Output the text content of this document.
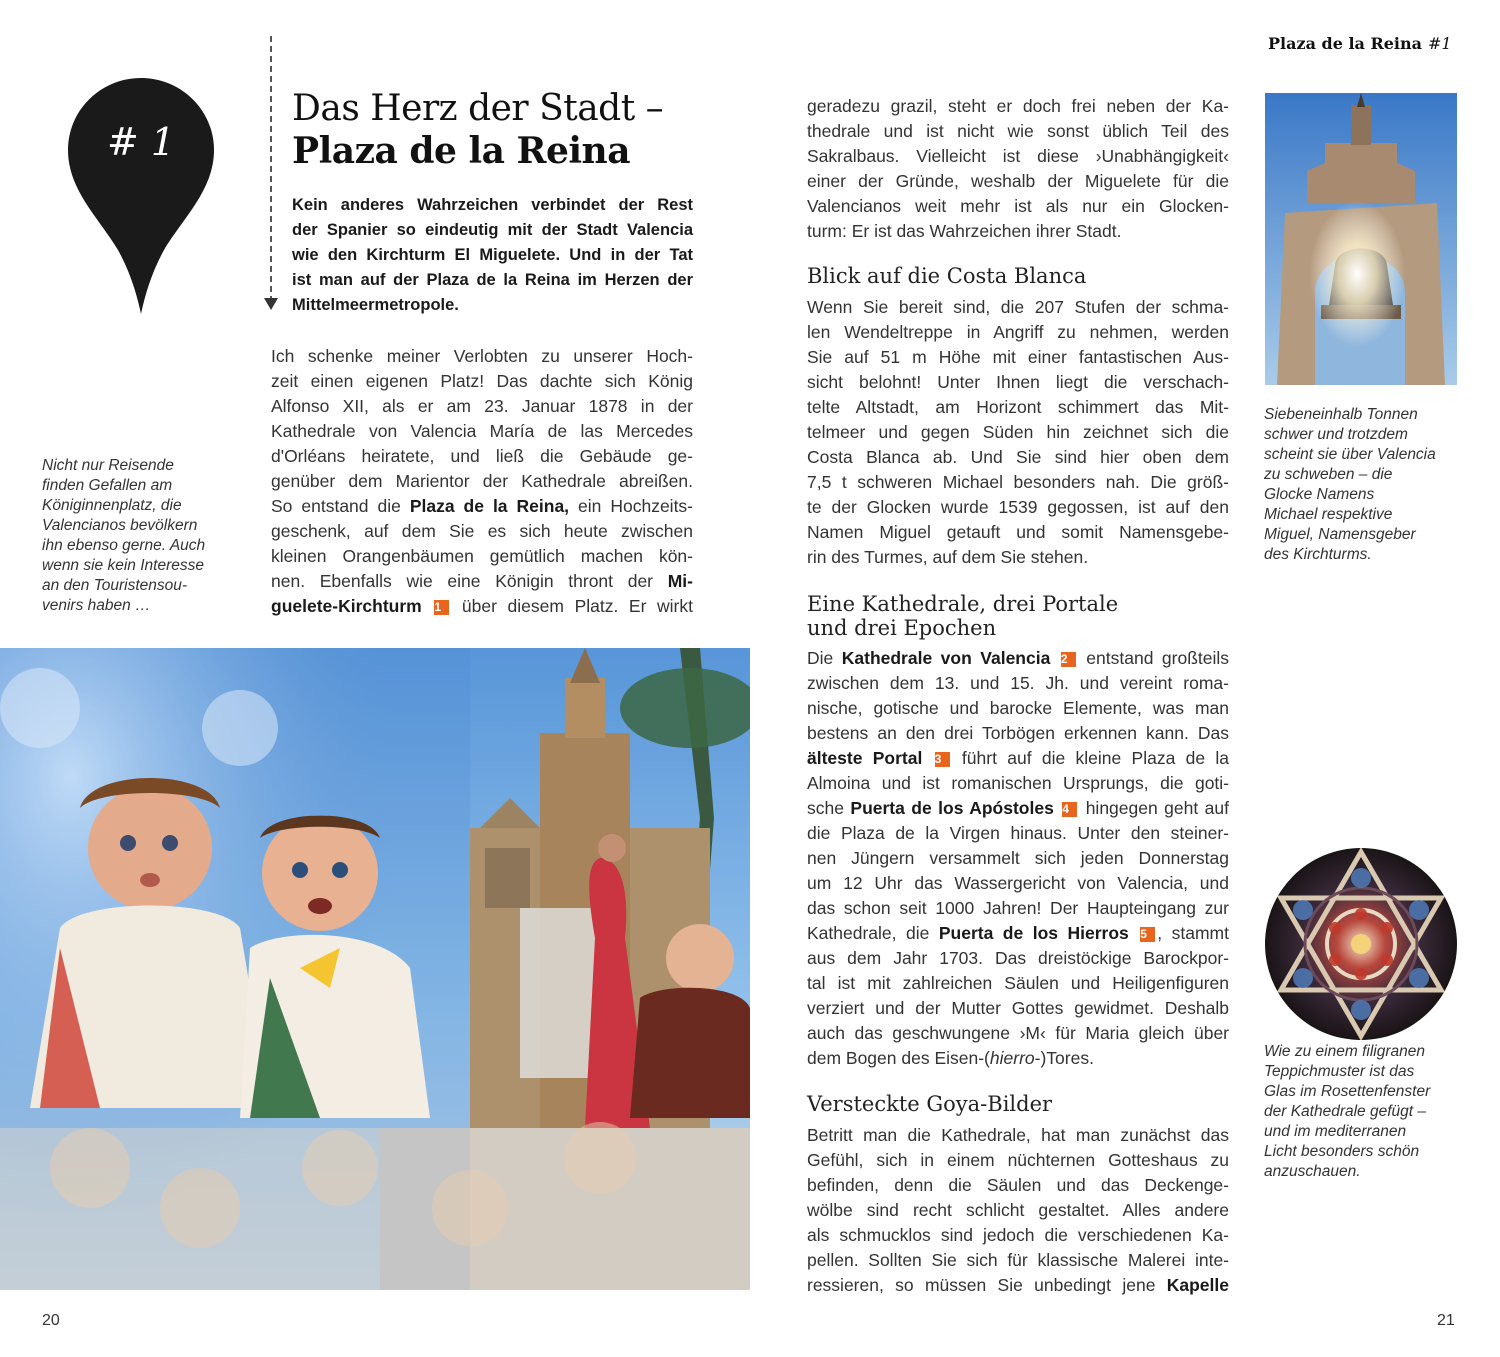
Plaza de la Reina #1
# 1
Das Herz der Stadt –
Plaza de la Reina
Kein anderes Wahrzeichen verbindet der Rest
der Spanier so eindeutig mit der Stadt Valencia
wie den Kirchturm El Miguelete. Und in der Tat
ist man auf der Plaza de la Reina im Herzen der
Mittelmeermetropole.
Nicht nur Reisende
finden Gefallen am
Königinnenplatz, die
Valencianos bevölkern
ihn ebenso gerne. Auch
wenn sie kein Interesse
an den Touristensou-
venirs haben …
Ich schenke meiner Verlobten zu unserer Hoch-
zeit einen eigenen Platz! Das dachte sich König
Alfonso XII, als er am 23. Januar 1878 in der
Kathedrale von Valencia María de las Mercedes
d'Orléans heiratete, und ließ die Gebäude ge-
genüber dem Marientor der Kathedrale abreißen.
So entstand die Plaza de la Reina, ein Hochzeits-
geschenk, auf dem Sie es sich heute zwischen
kleinen Orangenbäumen gemütlich machen kön-
nen. Ebenfalls wie eine Königin thront der Mi-
guelete-Kirchturm 1 über diesem Platz. Er wirkt
geradezu grazil, steht er doch frei neben der Ka-
thedrale und ist nicht wie sonst üblich Teil des
Sakralbaus. Vielleicht ist diese ›Unabhängigkeit‹
einer der Gründe, weshalb der Miguelete für die
Valencianos weit mehr ist als nur ein Glocken-
turm: Er ist das Wahrzeichen ihrer Stadt.
Blick auf die Costa Blanca
Wenn Sie bereit sind, die 207 Stufen der schma-
len Wendeltreppe in Angriff zu nehmen, werden
Sie auf 51 m Höhe mit einer fantastischen Aus-
sicht belohnt! Unter Ihnen liegt die verschach-
telte Altstadt, am Horizont schimmert das Mit-
telmeer und gegen Süden hin zeichnet sich die
Costa Blanca ab. Und Sie sind hier oben dem
7,5 t schweren Michael besonders nah. Die größ-
te der Glocken wurde 1539 gegossen, ist auf den
Namen Miguel getauft und somit Namensgebe-
rin des Turmes, auf dem Sie stehen.
Eine Kathedrale, drei Portale
und drei Epochen
Die Kathedrale von Valencia 2 entstand großteils
zwischen dem 13. und 15. Jh. und vereint roma-
nische, gotische und barocke Elemente, was man
bestens an den drei Torbögen erkennen kann. Das
älteste Portal 3 führt auf die kleine Plaza de la
Almoina und ist romanischen Ursprungs, die goti-
sche Puerta de los Apóstoles 4 hingegen geht auf
die Plaza de la Virgen hinaus. Unter den steiner-
nen Jüngern versammelt sich jeden Donnerstag
um 12 Uhr das Wassergericht von Valencia, und
das schon seit 1000 Jahren! Der Haupteingang zur
Kathedrale, die Puerta de los Hierros 5 , stammt
aus dem Jahr 1703. Das dreistöckige Barockpor-
tal ist mit zahlreichen Säulen und Heiligenfiguren
verziert und der Mutter Gottes gewidmet. Deshalb
auch das geschwungene ›M‹ für Maria gleich über
dem Bogen des Eisen-(hierro-)Tores.
Versteckte Goya-Bilder
Betritt man die Kathedrale, hat man zunächst das
Gefühl, sich in einem nüchternen Gotteshaus zu
befinden, denn die Säulen und das Deckenge-
wölbe sind recht schlicht gestaltet. Alles andere
als schmucklos sind jedoch die verschiedenen Ka-
pellen. Sollten Sie sich für klassische Malerei inte-
ressieren, so müssen Sie unbedingt jene Kapelle
Siebeneinhalb Tonnen
schwer und trotzdem
scheint sie über Valencia
zu schweben – die
Glocke Namens
Michael respektive
Miguel, Namensgeber
des Kirchturms.
Wie zu einem filigranen
Teppichmuster ist das
Glas im Rosettenfenster
der Kathedrale gefügt –
und im mediterranen
Licht besonders schön
anzuschauen.
20	21
